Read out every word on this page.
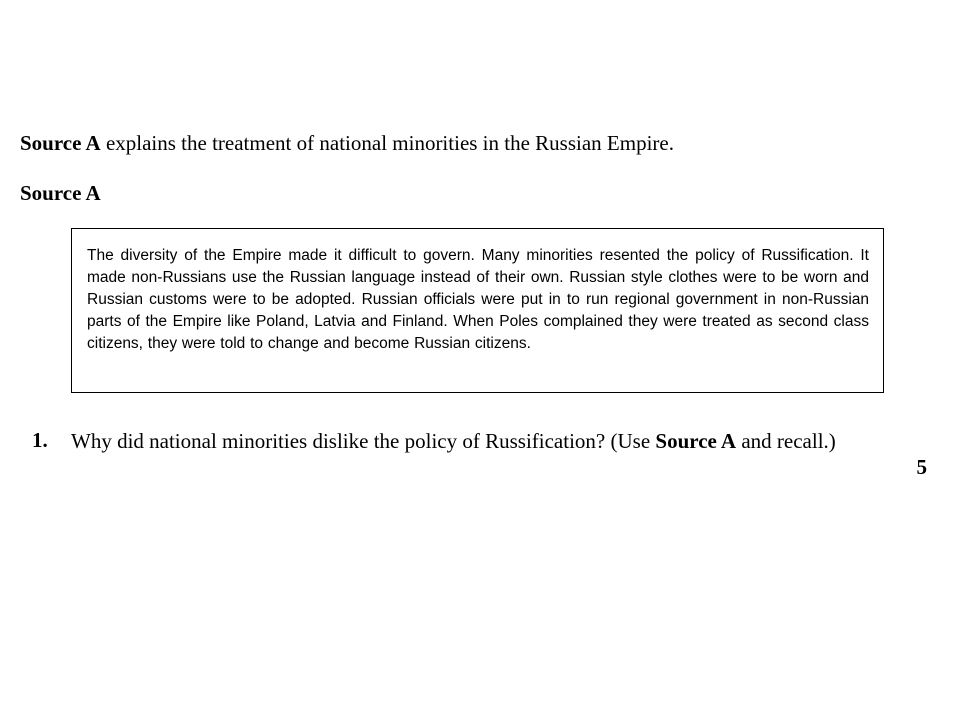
Source A explains the treatment of national minorities in the Russian Empire.
Source A
The diversity of the Empire made it difficult to govern. Many minorities resented the policy of Russification. It made non-Russians use the Russian language instead of their own. Russian style clothes were to be worn and Russian customs were to be adopted. Russian officials were put in to run regional government in non-Russian parts of the Empire like Poland, Latvia and Finland. When Poles complained they were treated as second class citizens, they were told to change and become Russian citizens.
1. Why did national minorities dislike the policy of Russification? (Use Source A and recall.)
5
